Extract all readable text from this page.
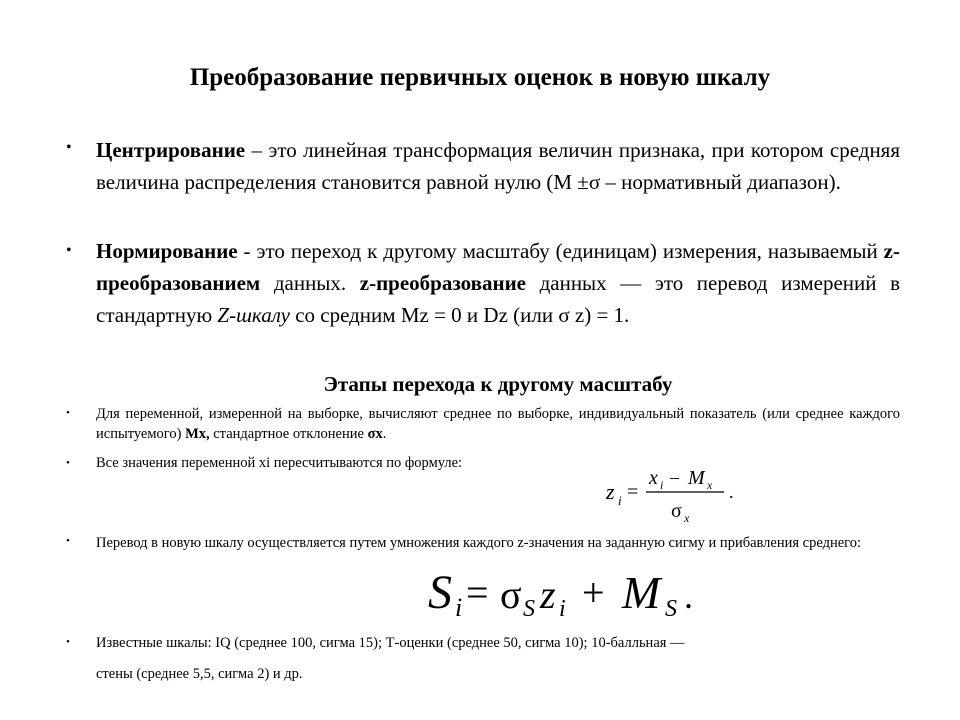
Преобразование первичных оценок в новую шкалу
• Центрирование – это линейная трансформация величин признака, при котором средняя величина распределения становится равной нулю (М ±σ – нормативный диапазон).
• Нормирование - это переход к другому масштабу (единицам) измерения, называемый z-преобразованием данных. z-преобразование данных — это перевод измерений в стандартную Z-шкалу со средним Mz = 0 и Dz (или σ z) = 1.
Этапы перехода к другому масштабу
• Для переменной, измеренной на выборке, вычисляют среднее по выборке, индивидуальный показатель (или среднее каждого испытуемого) Mx, стандартное отклонение σx.
• Все значения переменной xi пересчитываются по формуле:
• Перевод в новую шкалу осуществляется путем умножения каждого z-значения на заданную сигму и прибавления среднего:
• Известные шкалы: IQ (среднее 100, сигма 15); Т-оценки (среднее 50, сигма 10); 10-балльная —
стены (среднее 5,5, сигма 2) и др.
z i =
x i – M x
σ x
.
S i = σ S z i + M S .
